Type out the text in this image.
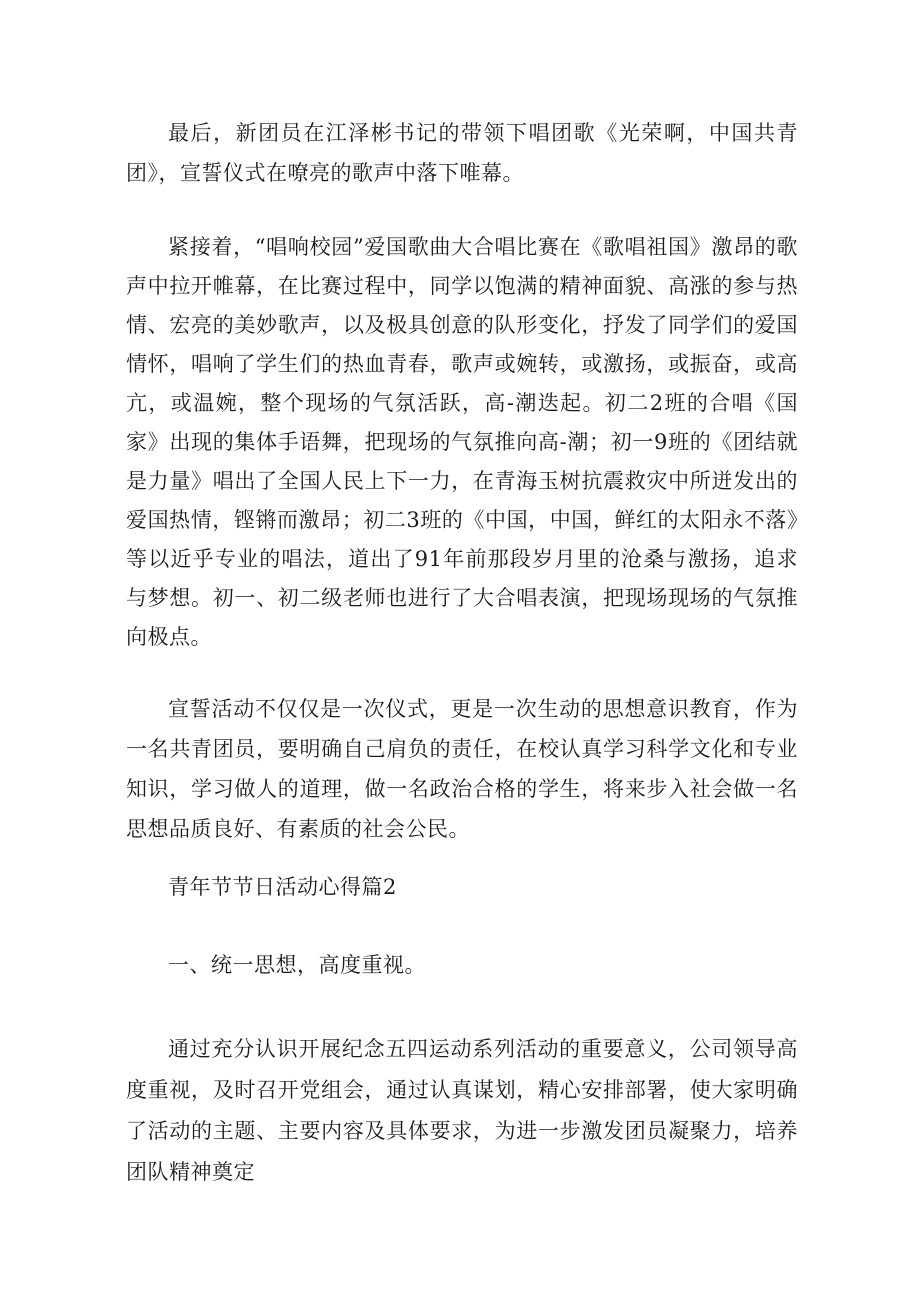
最后，新团员在江泽彬书记的带领下唱团歌《光荣啊，中国共青团》，宣誓仪式在嘹亮的歌声中落下唯幕。

紧接着，“唱响校园”爱国歌曲大合唱比赛在《歌唱祖国》激昂的歌声中拉开帷幕，在比赛过程中，同学以饱满的精神面貌、高涨的参与热情、宏亮的美妙歌声，以及极具创意的队形变化，抒发了同学们的爱国情怀，唱响了学生们的热血青春，歌声或婉转，或激扬，或振奋，或高亢，或温婉，整个现场的气氛活跃，高-潮迭起。初二2班的合唱《国家》出现的集体手语舞，把现场的气氛推向高-潮；初一9班的《团结就是力量》唱出了全国人民上下一力，在青海玉树抗震救灾中所迸发出的爱国热情，铿锵而激昂；初二3班的《中国，中国，鲜红的太阳永不落》等以近乎专业的唱法，道出了91年前那段岁月里的沧桑与激扬，追求与梦想。初一、初二级老师也进行了大合唱表演，把现场现场的气氛推向极点。

宣誓活动不仅仅是一次仪式，更是一次生动的思想意识教育，作为一名共青团员，要明确自己肩负的责任，在校认真学习科学文化和专业知识，学习做人的道理，做一名政治合格的学生，将来步入社会做一名思想品质良好、有素质的社会公民。

青年节节日活动心得篇2

一、统一思想，高度重视。

通过充分认识开展纪念五四运动系列活动的重要意义，公司领导高度重视，及时召开党组会，通过认真谋划，精心安排部署，使大家明确了活动的主题、主要内容及具体要求，为进一步激发团员凝聚力，培养团队精神奠定
